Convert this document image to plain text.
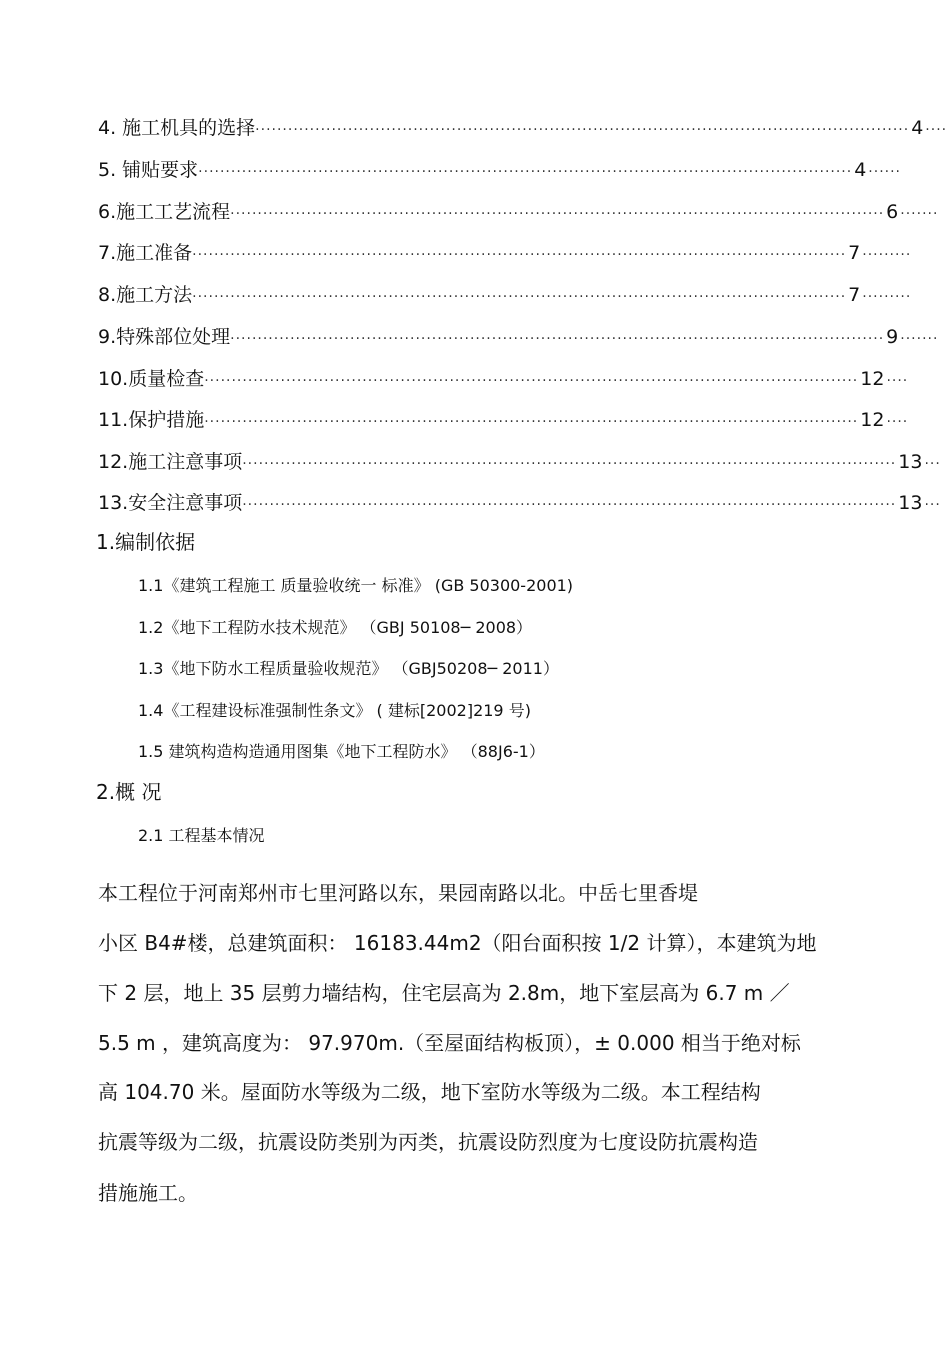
4. 施工机具的选择 ························································································································ 4 ····
5. 铺贴要求 ························································································································ 4 ······
6.施工工艺流程 ························································································································ 6 ·······
7.施工准备 ························································································································ 7 ·········
8.施工方法 ························································································································ 7 ·········
9.特殊部位处理 ························································································································ 9 ·······
10.质量检查 ························································································································ 12 ····
11.保护措施 ························································································································ 12 ····
12.施工注意事项 ························································································································ 13 ···
13.安全注意事项 ························································································································ 13 ···
1.编制依据
1.1《建筑工程施工 质量验收统一 标准》 (GB 50300-2001)
1.2《地下工程防水技术规范》 （GBJ 50108─ 2008）
1.3《地下防水工程质量验收规范》 （GBJ50208─ 2011）
1.4《工程建设标准强制性条文》 ( 建标[2002]219 号)
1.5 建筑构造构造通用图集《地下工程防水》 （88J6-1）
2.概 况
2.1 工程基本情况
本工程位于河南郑州市七里河路以东，果园南路以北。中岳七里香堤
小区 B4#楼，总建筑面积： 16183.44m2（阳台面积按 1/2 计算），本建筑为地
下 2 层，地上 35 层剪力墙结构，住宅层高为 2.8m，地下室层高为 6.7 m ／
5.5 m ，建筑高度为： 97.970m.（至屋面结构板顶），± 0.000 相当于绝对标
高 104.70 米。屋面防水等级为二级，地下室防水等级为二级。本工程结构
抗震等级为二级，抗震设防类别为丙类，抗震设防烈度为七度设防抗震构造
措施施工。
